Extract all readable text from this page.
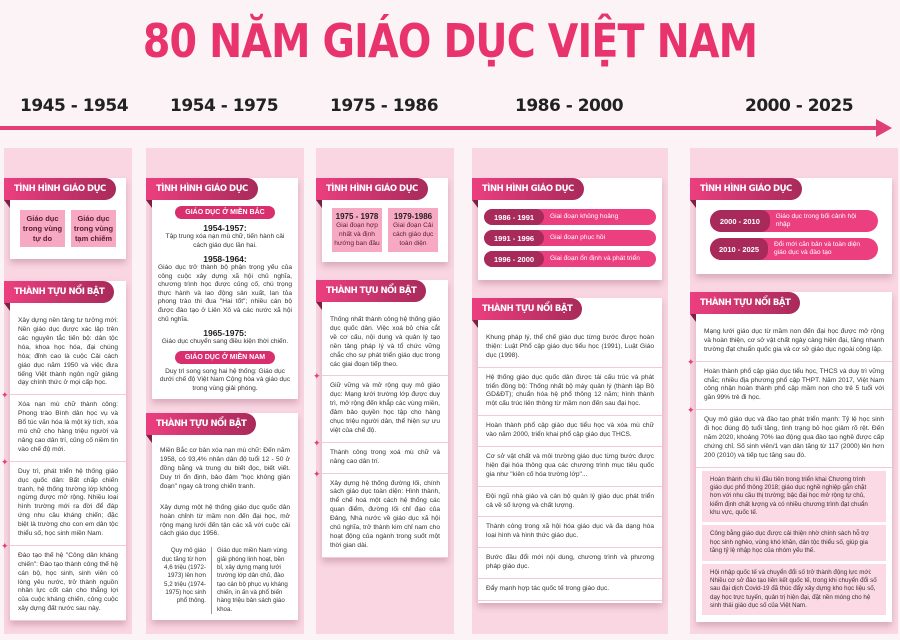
80 NĂM GIÁO DỤC VIỆT NAM
1945 - 1954 1954 - 1975	1975 - 1986	1986 - 2000	2000 - 2025
TÌNH HÌNH GIÁO DỤC
Giáo dục trong vùng tự do
Giáo dục trong vùng tạm chiếm
THÀNH TỰU NỔI BẬT
Xây dựng nền tảng tư tưởng mới: Nền giáo dục được xác lập trên các nguyên tắc tiến bộ: dân tộc hóa, khoa học hóa, đại chúng hóa; đỉnh cao là cuộc Cải cách giáo dục năm 1950 và việc đưa tiếng Việt thành ngôn ngữ giảng dạy chính thức ở mọi cấp học.
✦ Xóa nạn mù chữ thành công: Phong trào Bình dân học vụ và Bổ túc văn hóa là một kỳ tích, xóa mù chữ cho hàng triệu người và nâng cao dân trí, củng cố niềm tin vào chế độ mới.
✦ Duy trì, phát triển hệ thống giáo dục quốc dân: Bất chấp chiến tranh, hệ thống trường lớp không ngừng được mở rộng. Nhiều loại hình trường mới ra đời để đáp ứng nhu cầu kháng chiến; đặc biệt là trường cho con em dân tộc thiểu số, học sinh miền Nam.
✦ Đào tạo thế hệ "Công dân kháng chiến": Đào tạo thành công thế hệ cán bộ, học sinh, sinh viên có lòng yêu nước, trở thành nguồn nhân lực cốt cán cho thắng lợi của cuộc kháng chiến, công cuộc xây dựng đất nước sau này.
TÌNH HÌNH GIÁO DỤC
GIÁO DỤC Ở MIỀN BẮC
1954-1957:
Tập trung xóa nạn mù chữ, tiến hành cải cách giáo dục lần hai.
1958-1964:
Giáo dục trở thành bộ phận trọng yếu của công cuộc xây dựng xã hội chủ nghĩa, chương trình học được củng cố, chú trọng thực hành và lao động sản xuất, lan tỏa phong trào thi đua "Hai tốt"; nhiều cán bộ được đào tạo ở Liên Xô và các nước xã hội chủ nghĩa.
1965-1975:
Giáo dục chuyển sang điều kiện thời chiến.
GIÁO DỤC Ở MIỀN NAM
Duy trì song song hai hệ thống: Giáo dục dưới chế độ Việt Nam Cộng hòa và giáo dục trong vùng giải phóng.
THÀNH TỰU NỔI BẬT
Miền Bắc cơ bản xóa nạn mù chữ: Đến năm 1958, có 93,4% nhân dân độ tuổi 12 - 50 ở đồng bằng và trung du biết đọc, biết viết. Duy trì ổn định, bảo đảm "học không gián đoạn" ngay cả trong chiến tranh.
Xây dựng một hệ thống giáo dục quốc dân hoàn chỉnh từ mầm non đến đại học, mở rộng mạng lưới đến tận các xã với cuộc cải cách giáo dục 1956.
Quy mô giáo dục tăng từ hơn 4,6 triệu (1972-1973) lên hơn 5,2 triệu (1974-1975) học sinh phổ thông.
Giáo dục miền Nam vùng giải phóng linh hoạt, bền bỉ, xây dựng mạng lưới trường lớp dân chủ, đào tạo cán bộ phục vụ kháng chiến, in ấn và phổ biến hàng triệu bản sách giáo khoa.
TÌNH HÌNH GIÁO DỤC
1975 - 1978
Giai đoạn hợp nhất và định hướng ban đầu
1979-1986
Giai đoạn Cải cách giáo dục toàn diện
THÀNH TỰU NỔI BẬT
Thống nhất thành công hệ thống giáo dục quốc dân. Việc xoá bỏ chia cắt về cơ cấu, nội dung và quản lý tạo nền tảng pháp lý và tổ chức vững chắc cho sự phát triển giáo dục trong các giai đoạn tiếp theo.
✦ Giữ vững và mở rộng quy mô giáo dục: Mạng lưới trường lớp được duy trì, mở rộng đến khắp các vùng miền, đảm bảo quyền học tập cho hàng chục triệu người dân, thể hiện sự ưu việt của chế độ.
✦ Thành công trong xoá mù chữ và nâng cao dân trí.
✦ Xây dựng hệ thống đường lối, chính sách giáo dục toàn diện: Hình thành, thể chế hoá một cách hệ thống các quan điểm, đường lối chỉ đạo của Đảng, Nhà nước về giáo dục xã hội chủ nghĩa, trở thành kim chỉ nam cho hoạt động của ngành trong suốt một thời gian dài.
TÌNH HÌNH GIÁO DỤC
1986 - 1991	Giai đoạn khủng hoảng
1991 - 1996	Giai đoạn phục hồi
1996 - 2000	Giai đoạn ổn định và phát triển
THÀNH TỰU NỔI BẬT
Khung pháp lý, thể chế giáo dục từng bước được hoàn thiện: Luật Phổ cập giáo dục tiểu học (1991), Luật Giáo dục (1998).
Hệ thống giáo dục quốc dân được tái cấu trúc và phát triển đồng bộ: Thống nhất bộ máy quản lý (thành lập Bộ GD&ĐT); chuẩn hóa hệ phổ thông 12 năm; hình thành một cấu trúc liên thông từ mầm non đến sau đại học.
Hoàn thành phổ cập giáo dục tiểu học và xóa mù chữ vào năm 2000, triển khai phổ cập giáo dục THCS.
Cơ sở vật chất và môi trường giáo dục từng bước được hiện đại hóa thông qua các chương trình mục tiêu quốc gia như "kiên cố hóa trường lớp"...
Đội ngũ nhà giáo và cán bộ quản lý giáo dục phát triển cả về số lượng và chất lượng.
Thành công trong xã hội hóa giáo dục và đa dạng hóa loại hình và hình thức giáo dục.
Bước đầu đổi mới nội dung, chương trình và phương pháp giáo dục.
Đẩy mạnh hợp tác quốc tế trong giáo dục.
TÌNH HÌNH GIÁO DỤC
2000 - 2010	Giáo dục trong bối cảnh hội nhập
2010 - 2025	Đổi mới căn bản và toàn diện giáo dục và đào tạo
THÀNH TỰU NỔI BẬT
Mạng lưới giáo dục từ mầm non đến đại học được mở rộng và hoàn thiện, cơ sở vật chất ngày càng hiện đại, tăng nhanh trường đạt chuẩn quốc gia và cơ sở giáo dục ngoài công lập.
✦ Hoàn thành phổ cập giáo dục tiểu học, THCS và duy trì vững chắc; nhiều địa phương phổ cập THPT. Năm 2017, Việt Nam công nhận hoàn thành phổ cập mầm non cho trẻ 5 tuổi với gần 99% trẻ đi học.
✦ Quy mô giáo dục và đào tạo phát triển mạnh: Tỷ lệ học sinh đi học đúng độ tuổi tăng, tình trạng bỏ học giảm rõ rệt. Đến năm 2020, khoảng 70% lao động qua đào tạo nghề được cấp chứng chỉ. Số sinh viên/1 vạn dân tăng từ 117 (2000) lên hơn 200 (2010) và tiếp tục tăng sau đó.
Hoàn thành chu kì đầu tiên trong triển khai Chương trình giáo dục phổ thông 2018; giáo dục nghề nghiệp gắn chặt hơn với nhu cầu thị trường; bậc đại học mở rộng tự chủ, kiểm định chất lượng và có nhiều chương trình đạt chuẩn khu vực, quốc tế.
Công bằng giáo dục được cải thiện nhờ chính sách hỗ trợ học sinh nghèo, vùng khó khăn, dân tộc thiểu số, giúp gia tăng tỷ lệ nhập học của nhóm yếu thế.
Hội nhập quốc tế và chuyển đổi số trở thành động lực mới: Nhiều cơ sở đào tạo liên kết quốc tế, trong khi chuyển đổi số sau đại dịch Covid-19 đã thúc đẩy xây dựng kho học liệu số, dạy học trực tuyến, quản trị hiện đại, đặt nền móng cho hệ sinh thái giáo dục số của Việt Nam.
